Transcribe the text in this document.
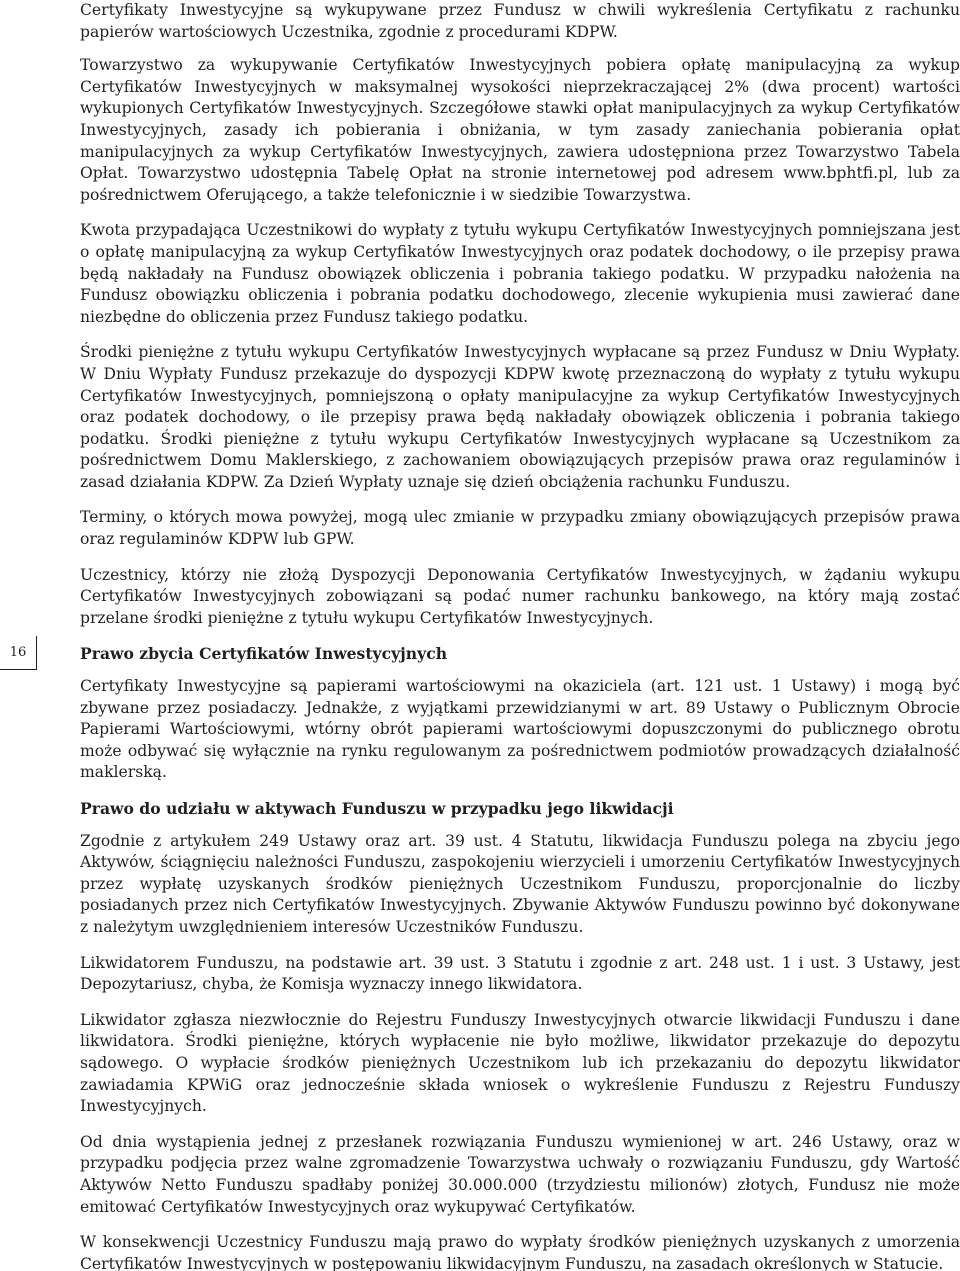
16

Certyfikaty Inwestycyjne są wykupywane przez Fundusz w chwili wykreślenia Certyfikatu z rachunku papierów wartościowych Uczestnika, zgodnie z procedurami KDPW.

Towarzystwo za wykupywanie Certyfikatów Inwestycyjnych pobiera opłatę manipulacyjną za wykup Certyfikatów Inwestycyjnych w maksymalnej wysokości nieprzekraczającej 2% (dwa procent) wartości wykupionych Certyfikatów Inwestycyjnych. Szczegółowe stawki opłat manipulacyjnych za wykup Certyfikatów Inwestycyjnych, zasady ich pobierania i obniżania, w tym zasady zaniechania pobierania opłat manipulacyjnych za wykup Certyfikatów Inwestycyjnych, zawiera udostępniona przez Towarzystwo Tabela Opłat. Towarzystwo udostępnia Tabelę Opłat na stronie internetowej pod adresem www.bphtfi.pl, lub za pośrednictwem Oferującego, a także telefonicznie i w siedzibie Towarzystwa.

Kwota przypadająca Uczestnikowi do wypłaty z tytułu wykupu Certyfikatów Inwestycyjnych pomniejszana jest o opłatę manipulacyjną za wykup Certyfikatów Inwestycyjnych oraz podatek dochodowy, o ile przepisy prawa będą nakładały na Fundusz obowiązek obliczenia i pobrania takiego podatku. W przypadku nałożenia na Fundusz obowiązku obliczenia i pobrania podatku dochodowego, zlecenie wykupienia musi zawierać dane niezbędne do obliczenia przez Fundusz takiego podatku.

Środki pieniężne z tytułu wykupu Certyfikatów Inwestycyjnych wypłacane są przez Fundusz w Dniu Wypłaty. W Dniu Wypłaty Fundusz przekazuje do dyspozycji KDPW kwotę przeznaczoną do wypłaty z tytułu wykupu Certyfikatów Inwestycyjnych, pomniejszoną o opłaty manipulacyjne za wykup Certyfikatów Inwestycyjnych oraz podatek dochodowy, o ile przepisy prawa będą nakładały obowiązek obliczenia i pobrania takiego podatku. Środki pieniężne z tytułu wykupu Certyfikatów Inwestycyjnych wypłacane są Uczestnikom za pośrednictwem Domu Maklerskiego, z zachowaniem obowiązujących przepisów prawa oraz regulaminów i zasad działania KDPW. Za Dzień Wypłaty uznaje się dzień obciążenia rachunku Funduszu.

Terminy, o których mowa powyżej, mogą ulec zmianie w przypadku zmiany obowiązujących przepisów prawa oraz regulaminów KDPW lub GPW.

Uczestnicy, którzy nie złożą Dyspozycji Deponowania Certyfikatów Inwestycyjnych, w żądaniu wykupu Certyfikatów Inwestycyjnych zobowiązani są podać numer rachunku bankowego, na który mają zostać przelane środki pieniężne z tytułu wykupu Certyfikatów Inwestycyjnych.

Prawo zbycia Certyfikatów Inwestycyjnych

Certyfikaty Inwestycyjne są papierami wartościowymi na okaziciela (art. 121 ust. 1 Ustawy) i mogą być zbywane przez posiadaczy. Jednakże, z wyjątkami przewidzianymi w art. 89 Ustawy o Publicznym Obrocie Papierami Wartościowymi, wtórny obrót papierami wartościowymi dopuszczonymi do publicznego obrotu może odbywać się wyłącznie na rynku regulowanym za pośrednictwem podmiotów prowadzących działalność maklerską.

Prawo do udziału w aktywach Funduszu w przypadku jego likwidacji

Zgodnie z artykułem 249 Ustawy oraz art. 39 ust. 4 Statutu, likwidacja Funduszu polega na zbyciu jego Aktywów, ściągnięciu należności Funduszu, zaspokojeniu wierzycieli i umorzeniu Certyfikatów Inwestycyjnych przez wypłatę uzyskanych środków pieniężnych Uczestnikom Funduszu, proporcjonalnie do liczby posiadanych przez nich Certyfikatów Inwestycyjnych. Zbywanie Aktywów Funduszu powinno być dokonywane z należytym uwzględnieniem interesów Uczestników Funduszu.

Likwidatorem Funduszu, na podstawie art. 39 ust. 3 Statutu i zgodnie z art. 248 ust. 1 i ust. 3 Ustawy, jest Depozytariusz, chyba, że Komisja wyznaczy innego likwidatora.

Likwidator zgłasza niezwłocznie do Rejestru Funduszy Inwestycyjnych otwarcie likwidacji Funduszu i dane likwidatora. Środki pieniężne, których wypłacenie nie było możliwe, likwidator przekazuje do depozytu sądowego. O wypłacie środków pieniężnych Uczestnikom lub ich przekazaniu do depozytu likwidator zawiadamia KPWiG oraz jednocześnie składa wniosek o wykreślenie Funduszu z Rejestru Funduszy Inwestycyjnych.

Od dnia wystąpienia jednej z przesłanek rozwiązania Funduszu wymienionej w art. 246 Ustawy, oraz w przypadku podjęcia przez walne zgromadzenie Towarzystwa uchwały o rozwiązaniu Funduszu, gdy Wartość Aktywów Netto Funduszu spadłaby poniżej 30.000.000 (trzydziestu milionów) złotych, Fundusz nie może emitować Certyfikatów Inwestycyjnych oraz wykupywać Certyfikatów.

W konsekwencji Uczestnicy Funduszu mają prawo do wypłaty środków pieniężnych uzyskanych z umorzenia Certyfikatów Inwestycyjnych w postępowaniu likwidacyjnym Funduszu, na zasadach określonych w Statucie.
